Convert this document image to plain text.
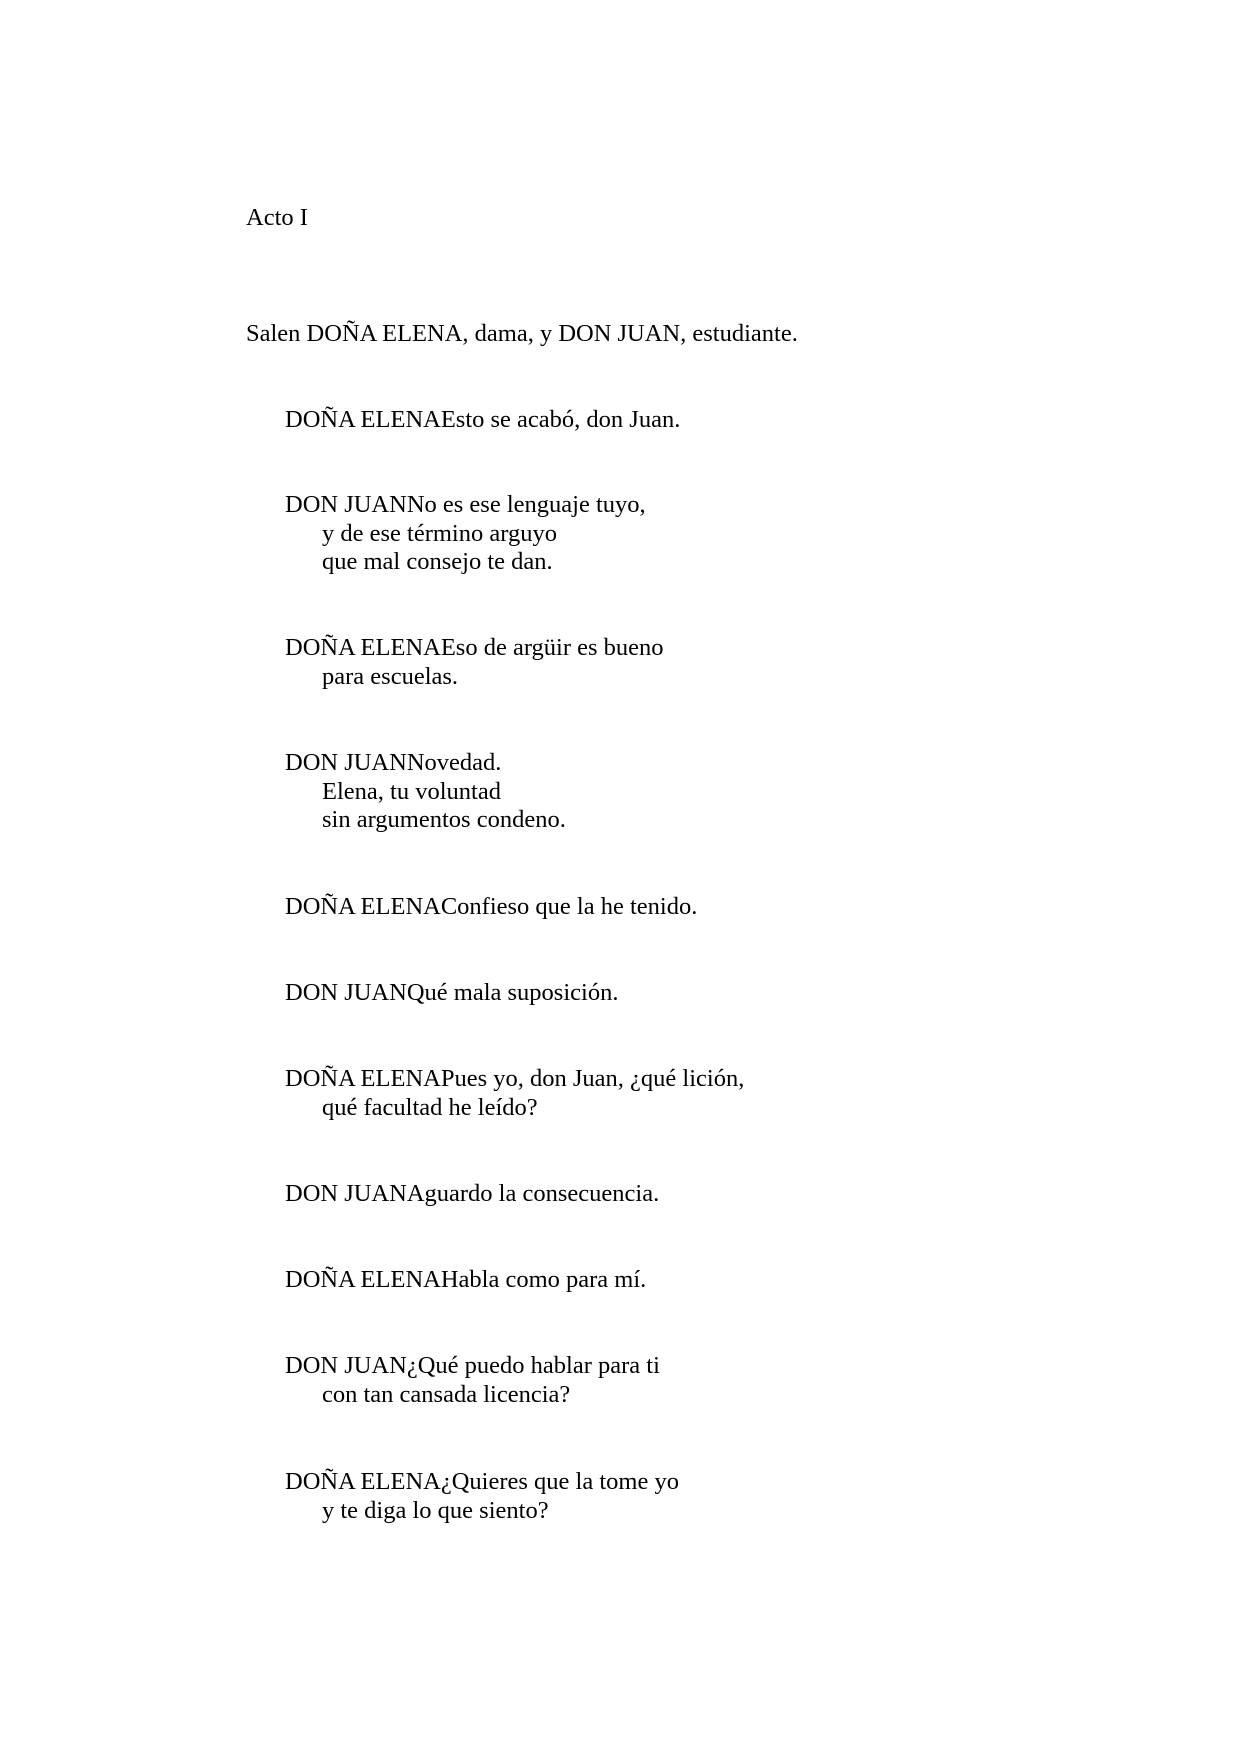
Acto I

Salen DOÑA ELENA, dama, y DON JUAN, estudiante.

DOÑA ELENAEsto se acabó, don Juan.
DON JUANNo es ese lenguaje tuyo,
y de ese término arguyo
que mal consejo te dan.
DOÑA ELENAEso de argüir es bueno
para escuelas.
DON JUANNovedad.
Elena, tu voluntad
sin argumentos condeno.
DOÑA ELENAConfieso que la he tenido.
DON JUANQué mala suposición.
DOÑA ELENAPues yo, don Juan, ¿qué lición,
qué facultad he leído?
DON JUANAguardo la consecuencia.
DOÑA ELENAHabla como para mí.
DON JUAN¿Qué puedo hablar para ti
con tan cansada licencia?
DOÑA ELENA¿Quieres que la tome yo
y te diga lo que siento?
